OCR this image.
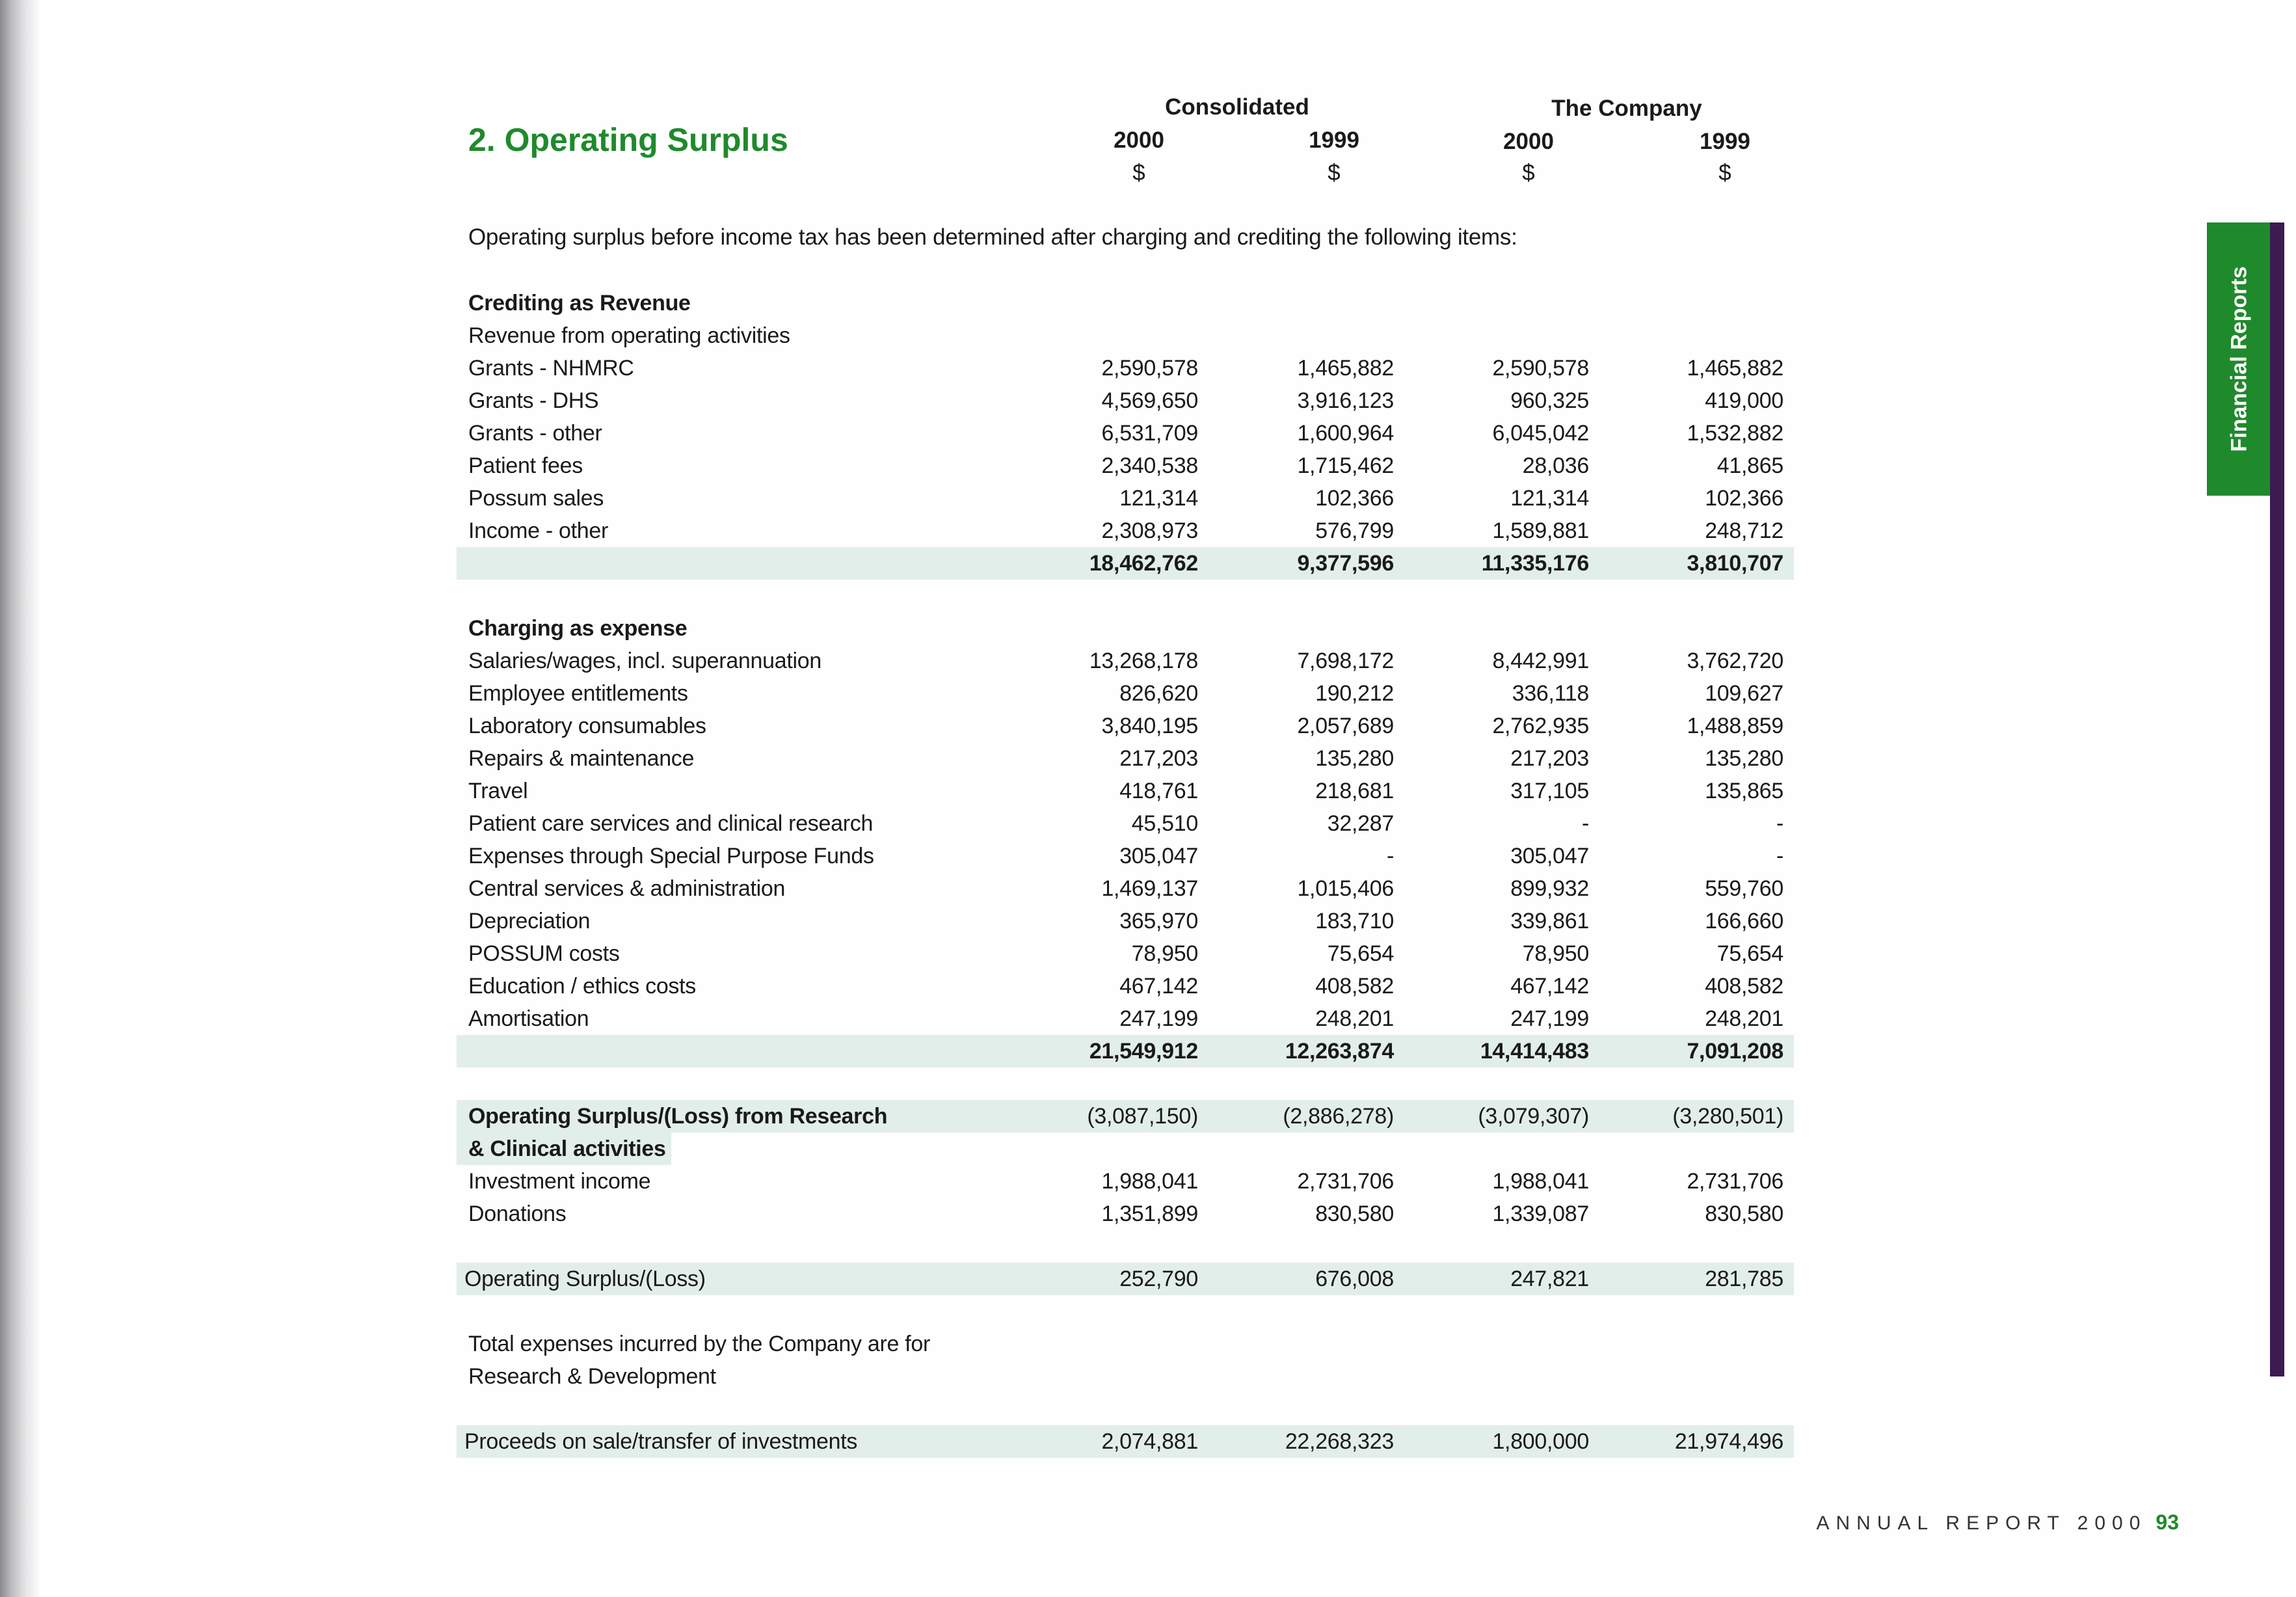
2. Operating Surplus
Consolidated	The Company
2000	1999	2000	1999
$	$	$	$
Operating surplus before income tax has been determined after charging and crediting the following items:
Crediting as Revenue
Revenue from operating activities
Grants - NHMRC	2,590,578	1,465,882	2,590,578	1,465,882
Grants - DHS	4,569,650	3,916,123	960,325	419,000
Grants - other	6,531,709	1,600,964	6,045,042	1,532,882
Patient fees	2,340,538	1,715,462	28,036	41,865
Possum sales	121,314	102,366	121,314	102,366
Income - other	2,308,973	576,799	1,589,881	248,712
18,462,762	9,377,596	11,335,176	3,810,707
Charging as expense
Salaries/wages, incl. superannuation	13,268,178	7,698,172	8,442,991	3,762,720
Employee entitlements	826,620	190,212	336,118	109,627
Laboratory consumables	3,840,195	2,057,689	2,762,935	1,488,859
Repairs & maintenance	217,203	135,280	217,203	135,280
Travel	418,761	218,681	317,105	135,865
Patient care services and clinical research	45,510	32,287	-	-
Expenses through Special Purpose Funds	305,047	-	305,047	-
Central services & administration	1,469,137	1,015,406	899,932	559,760
Depreciation	365,970	183,710	339,861	166,660
POSSUM costs	78,950	75,654	78,950	75,654
Education / ethics costs	467,142	408,582	467,142	408,582
Amortisation	247,199	248,201	247,199	248,201
21,549,912	12,263,874	14,414,483	7,091,208
Operating Surplus/(Loss) from Research	(3,087,150)	(2,886,278)	(3,079,307)	(3,280,501)
& Clinical activities
Investment income	1,988,041	2,731,706	1,988,041	2,731,706
Donations	1,351,899	830,580	1,339,087	830,580
Operating Surplus/(Loss)	252,790	676,008	247,821	281,785
Total expenses incurred by the Company are for
Research & Development
Proceeds on sale/transfer of investments	2,074,881	22,268,323	1,800,000	21,974,496
Financial Reports
ANNUAL REPORT 2000 93
